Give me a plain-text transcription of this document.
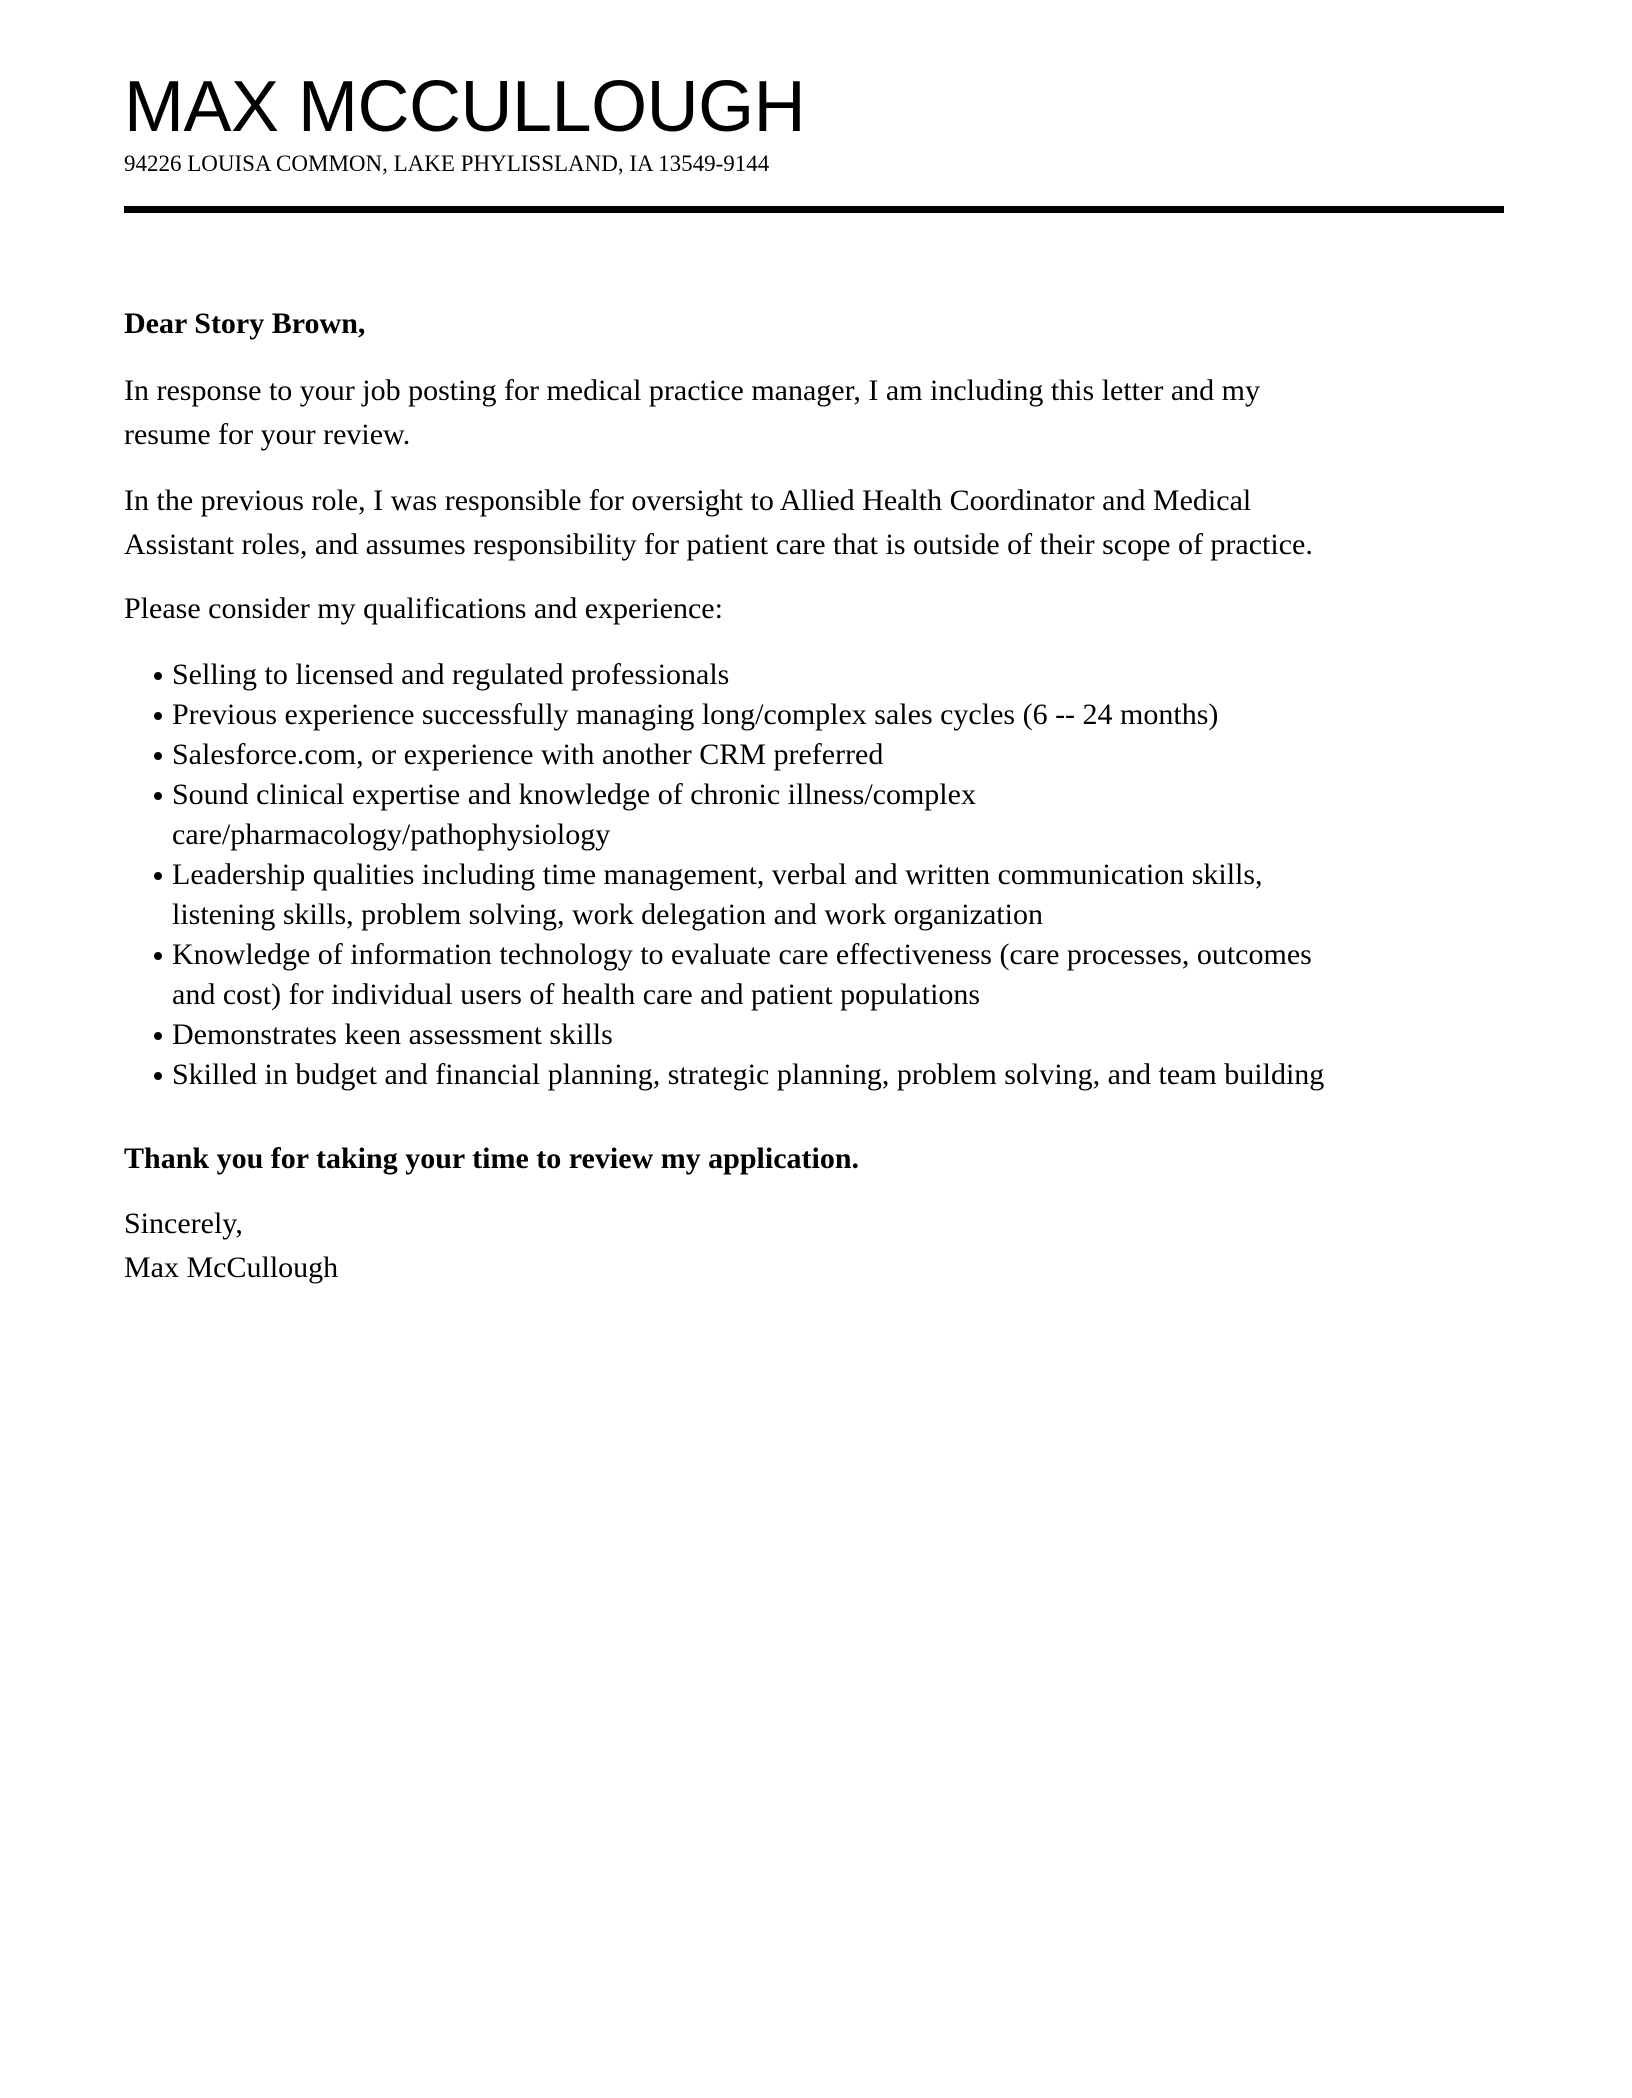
MAX MCCULLOUGH
94226 LOUISA COMMON, LAKE PHYLISSLAND, IA 13549-9144
Dear Story Brown,
In response to your job posting for medical practice manager, I am including this letter and my
resume for your review.
In the previous role, I was responsible for oversight to Allied Health Coordinator and Medical
Assistant roles, and assumes responsibility for patient care that is outside of their scope of practice.
Please consider my qualifications and experience:
Selling to licensed and regulated professionals
Previous experience successfully managing long/complex sales cycles (6 -- 24 months)
Salesforce.com, or experience with another CRM preferred
Sound clinical expertise and knowledge of chronic illness/complex
care/pharmacology/pathophysiology
Leadership qualities including time management, verbal and written communication skills,
listening skills, problem solving, work delegation and work organization
Knowledge of information technology to evaluate care effectiveness (care processes, outcomes
and cost) for individual users of health care and patient populations
Demonstrates keen assessment skills
Skilled in budget and financial planning, strategic planning, problem solving, and team building
Thank you for taking your time to review my application.
Sincerely,
Max McCullough
